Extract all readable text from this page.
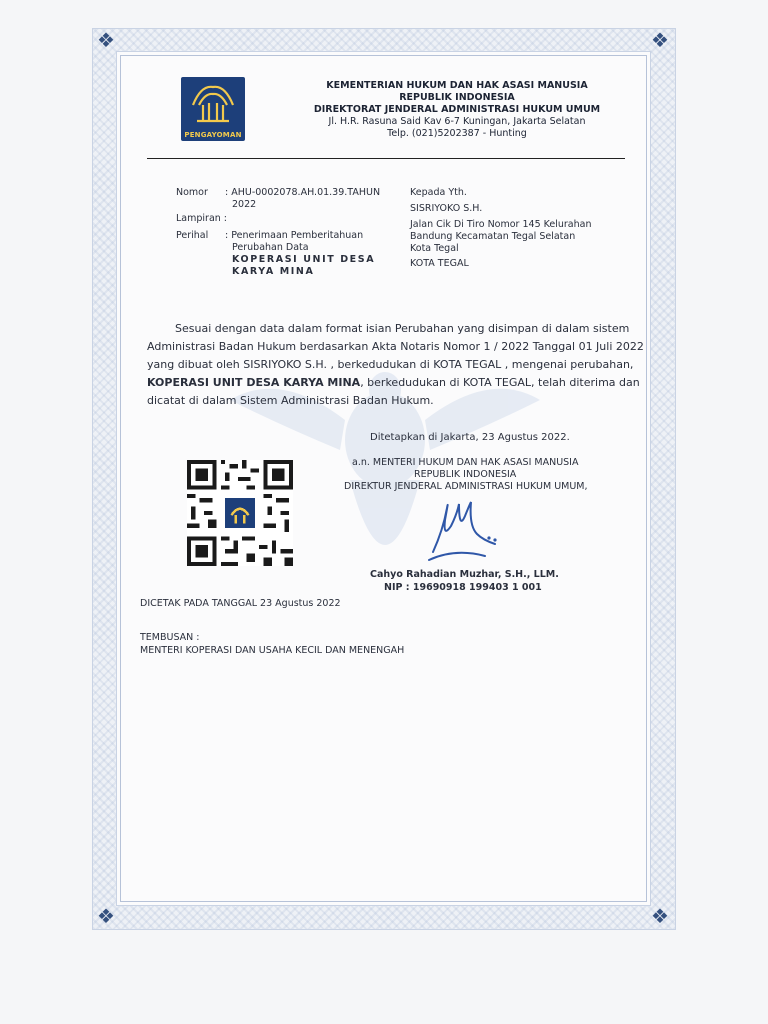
❖	❖
❖	❖
PENGAYOMAN
KEMENTERIAN HUKUM DAN HAK ASASI MANUSIA
REPUBLIK INDONESIA
DIREKTORAT JENDERAL ADMINISTRASI HUKUM UMUM
Jl. H.R. Rasuna Said Kav 6-7 Kuningan, Jakarta Selatan
Telp. (021)5202387 - Hunting
Nomor : AHU-0002078.AH.01.39.TAHUN
2022
Lampiran :
Perihal : Penerimaan Pemberitahuan
Perubahan Data
KOPERASI UNIT DESA
KARYA MINA
Kepada Yth.
SISRIYOKO S.H.
Jalan Cik Di Tiro Nomor 145 Kelurahan
Bandung Kecamatan Tegal Selatan
Kota Tegal
KOTA TEGAL
Sesuai dengan data dalam format isian Perubahan yang disimpan di dalam sistem
Administrasi Badan Hukum berdasarkan Akta Notaris Nomor 1 / 2022 Tanggal 01 Juli 2022
yang dibuat oleh SISRIYOKO S.H. , berkedudukan di KOTA TEGAL , mengenai perubahan,
KOPERASI UNIT DESA KARYA MINA, berkedudukan di KOTA TEGAL, telah diterima dan
dicatat di dalam Sistem Administrasi Badan Hukum.
Ditetapkan di Jakarta, 23 Agustus 2022.
a.n. MENTERI HUKUM DAN HAK ASASI MANUSIA
REPUBLIK INDONESIA
DIREKTUR JENDERAL ADMINISTRASI HUKUM UMUM,
Cahyo Rahadian Muzhar, S.H., LLM.
NIP : 19690918 199403 1 001
DICETAK PADA TANGGAL 23 Agustus 2022
TEMBUSAN :
MENTERI KOPERASI DAN USAHA KECIL DAN MENENGAH
